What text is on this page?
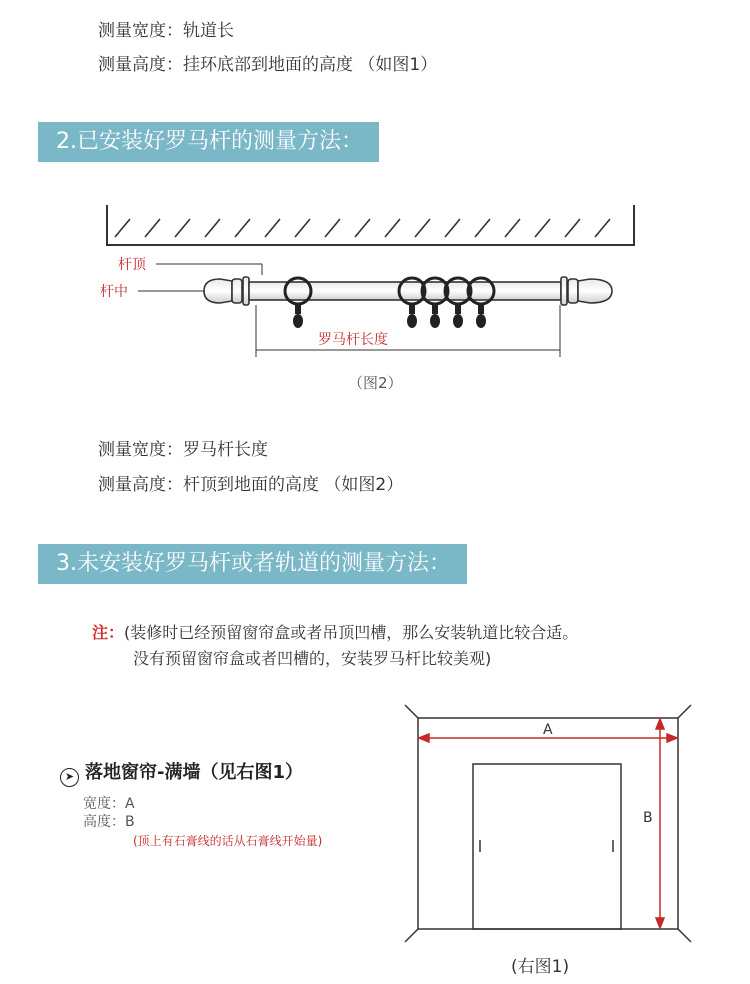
测量宽度：轨道长
测量高度：挂环底部到地面的高度 （如图1）
2.已安装好罗马杆的测量方法：
杆顶
杆中
罗马杆长度
（图2）
测量宽度：罗马杆长度
测量高度：杆顶到地面的高度 （如图2）
3.未安装好罗马杆或者轨道的测量方法：
注：(装修时已经预留窗帘盒或者吊顶凹槽，那么安装轨道比较合适。
没有预留窗帘盒或者凹槽的，安装罗马杆比较美观)
➤ 落地窗帘-满墙（见右图1）
宽度：A
高度：B
(顶上有石膏线的话从石膏线开始量)
A
B
(右图1)
